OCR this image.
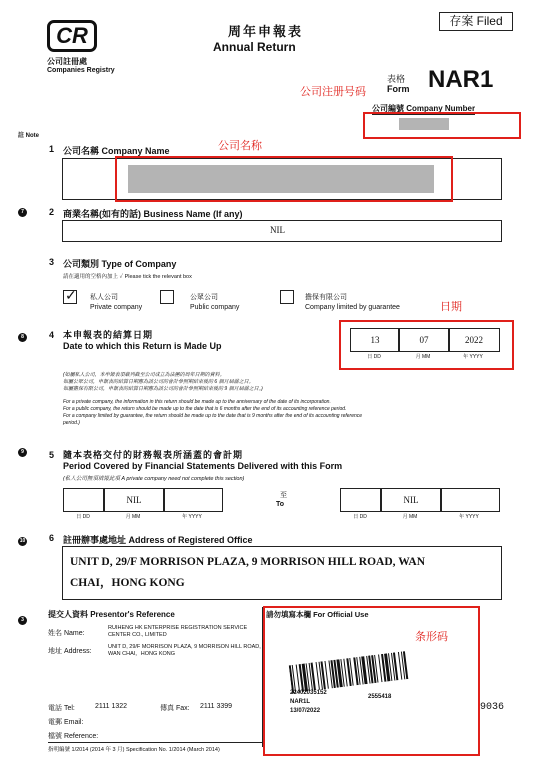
CR
公司註冊處
Companies Registry
周年申報表
Annual Return
存案 Filed
表格
Form NAR1
公司注册号码
公司編號 Company Number
註 Note
1 公司名稱 Company Name	公司名称
7	2 商業名稱(如有的話) Business Name (If any)
NIL
3 公司類別 Type of Company
請在適用的空格內加上 ✓ Please tick the relevant box
✓ 私人公司
Private company
公眾公司
Public company
擔保有限公司
Company limited by guarantee	日期
8	4 本申報表的結算日期
Date to which this Return is Made Up
13	07	2022
日 DD	月 MM	年 YYYY
(如屬私人公司，本申報表須載列截至公司成立為法團的周年日期的資料。
如屬公眾公司，申報表的結算日期應為該公司的會計參照期結束後的 6 個月屆滿之日。
如屬擔保有限公司，申報表的結算日期應為該公司的會計參照期結束後的 9 個月屆滿之日。)
For a private company, the information in this return should be made up to the anniversary of the date of its incorporation.
For a public company, the return should be made up to the date that is 6 months after the end of its accounting reference period.
For a company limited by guarantee, the return should be made up to the date that is 9 months after the end of its accounting reference
period.)
9	5 隨本表格交付的財務報表所涵蓋的會計期
Period Covered by Financial Statements Delivered with this Form
(私人公司無須填報此項 A private company need not complete this section)
NIL
日 DD	月 MM	年 YYYY
至
To	NIL
日 DD	月 MM	年 YYYY
10	6 註冊辦事處地址 Address of Registered Office
UNIT D, 29/F MORRISON PLAZA, 9 MORRISON HILL ROAD, WAN
CHAI，HONG KONG
3
提交人資料 Presentor's Reference
姓名 Name:
RUIHENG HK ENTERPRISE REGISTRATION SERVICE CENTER CO., LIMITED
地址 Address:
UNIT D, 29/F MORRISON PLAZA, 9 MORRISON HILL ROAD, WAN CHAI，HONG KONG
電話 Tel:	2111 1322	傳真 Fax: 2111 3399
電郵 Email:
檔號 Reference:
指明編號 1/2014 (2014 年 3 月) Specification No. 1/2014 (March 2014)
請勿填寫本欄 For Official Use
条形码
22402035152
2555418
NAR1L
13/07/2022	9036
